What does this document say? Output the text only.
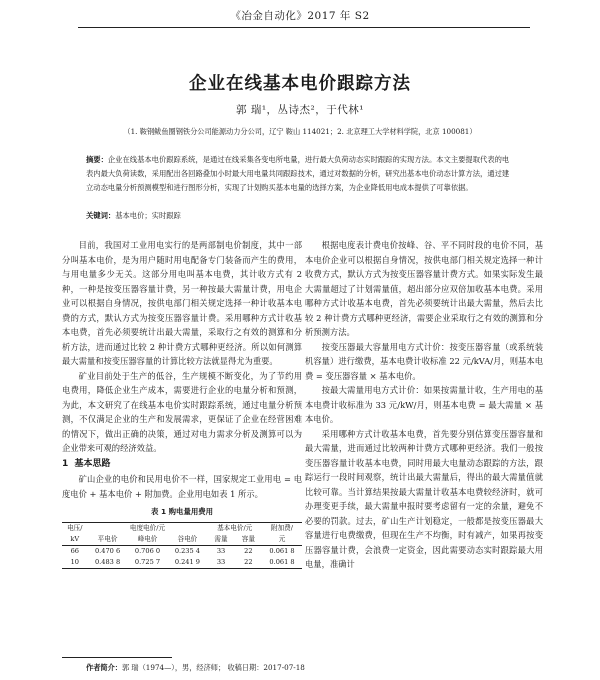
《冶金自动化》2017 年 S2
企业在线基本电价跟踪方法
郭 瑞¹，丛诗杰²，于代林¹
（1. 鞍钢鲅鱼圈钢铁分公司能源动力分公司，辽宁 鞍山 114021；2. 北京理工大学材料学院，北京 100081）
摘要：企业在线基本电价跟踪系统，是通过在线采集各变电所电量，进行最大负荷动态实时跟踪的实现方法。本文主要提取代表的电表内最大负荷读数，采用配出各回路叠加小时最大用电量共同跟踪技术，通过对数据的分析，研究出基本电价动态计算方法，通过建立动态电量分析预测模型和进行图形分析，实现了计划购买基本电量的选择方案，为企业降低用电成本提供了可靠依据。
关键词：基本电价；实时跟踪

目前，我国对工业用电实行的是两部制电价制度，其中一部分叫基本电价，是为用户随时用电配备专门装备而产生的费用，与用电量多少无关。这部分用电叫基本电费，其计收方式有 2 种，一种是按变压器容量计费，另一种按最大需量计费，用电企业可以根据自身情况，按供电部门相关规定选择一种计收基本电费的方式，默认方式为按变压器容量计费。采用哪种方式计收基本电费，首先必须要统计出最大需量，采取行之有效的测算和分析方法，进而通过比较 2 种计费方式哪种更经济。所以如何测算最大需量和按变压器容量的计算比较方法就显得尤为重要。

矿业目前处于生产的低谷，生产规模不断变化，为了节约用电费用，降低企业生产成本，需要进行企业的电量分析和预测，为此，本文研究了在线基本电价实时跟踪系统，通过电量分析预测，不仅满足企业的生产和发展需求，更保证了企业在经营困难的情况下，做出正确的决策，通过对电力需求分析及测算可以为企业带来可观的经济效益。

1 基本思路

矿山企业的电价和民用电价不一样，国家规定工业用电 = 电度电价 + 基本电价 + 附加费。企业用电如表 1 所示。

表 1 购电量用费用
电压/	电度电价/元			基本电价/元		附加费/
kV	平电价	峰电价	谷电价	需量	容量	元
66	0.470 6	0.706 0	0.235 4	33	22	0.061 8
10	0.483 8	0.725 7	0.241 9	33	22	0.061 8

根据电度表计费电价按峰、谷、平不同时段的电价不同，基本电价企业可以根据自身情况，按供电部门相关规定选择一种计收费方式，默认方式为按变压器容量计费方式。如果实际发生最大需量超过了计划需量值，超出部分应双倍加收基本电费。采用哪种方式计收基本电费，首先必须要统计出最大需量，然后去比较 2 种计费方式哪种更经济，需要企业采取行之有效的测算和分析预测方法。

按变压器最大容量用电方式计价：按变压器容量（或系统装机容量）进行缴费，基本电费计收标准 22 元/kVA/月，则基本电费 = 变压器容量 × 基本电价。

按最大需量用电方式计价：如果按需量计收，生产用电的基本电费计收标准为 33 元/kW/月，则基本电费 = 最大需量 × 基本电价。

采用哪种方式计收基本电费，首先要分别估算变压器容量和最大需量，进而通过比较两种计费方式哪种更经济。我们一般按变压器容量计收基本电费，同时用最大电量动态跟踪的方法，跟踪运行一段时间观察，统计出最大需量后，得出的最大需量值就比较可靠。当计算结果按最大需量计收基本电费较经济时，就可办理变更手续，最大需量申报时要考虑留有一定的余量，避免不必要的罚款。过去，矿山生产计划稳定，一般都是按变压器最大容量进行电费缴费，但现在生产不均衡，时有减产，如果再按变压器容量计费，会浪费一定资金，因此需要动态实时跟踪最大用电量，准确计

作者简介：郭 瑞（1974—），男，经济师； 收稿日期：2017-07-18
